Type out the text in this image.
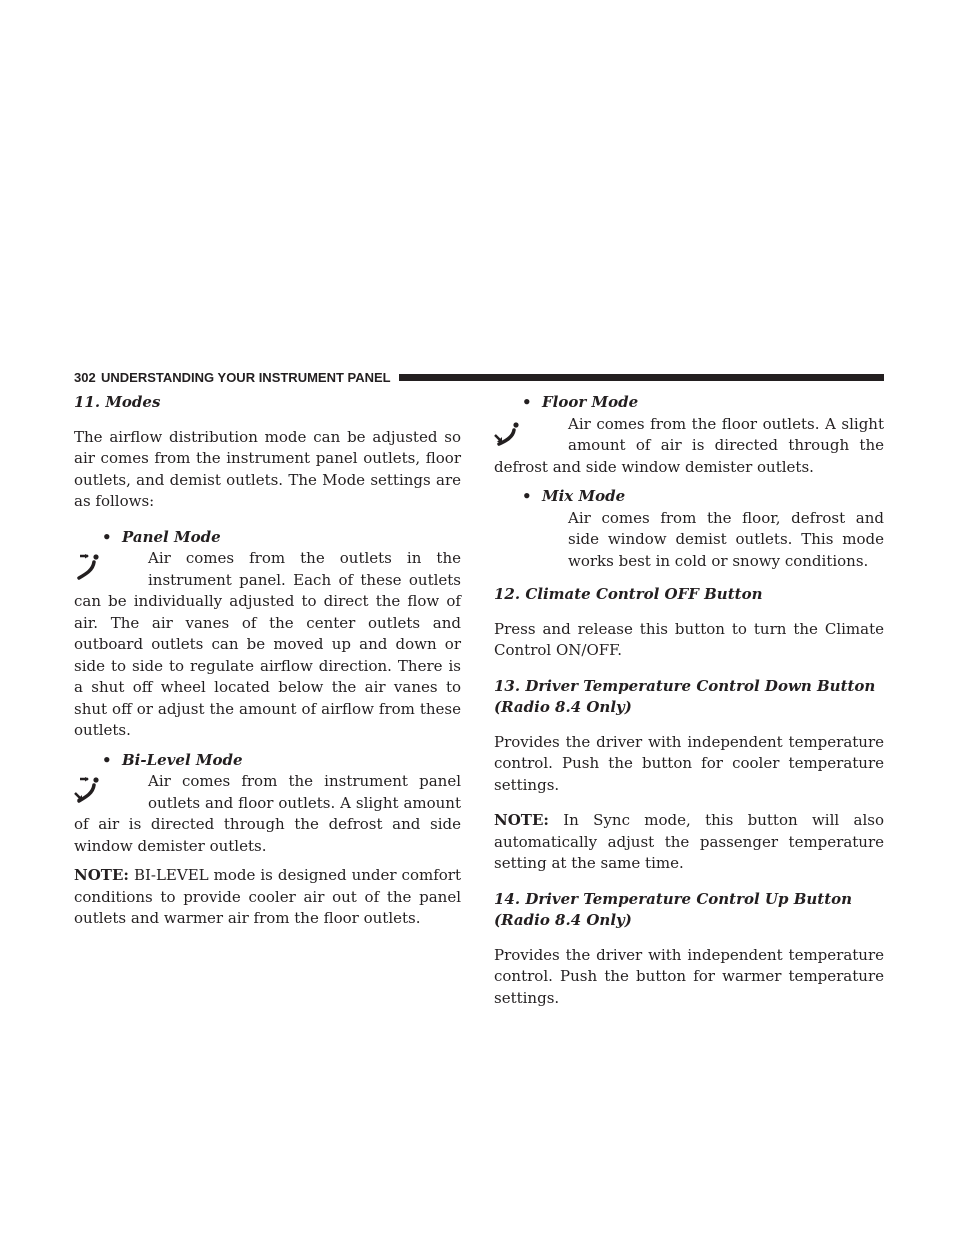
302 UNDERSTANDING YOUR INSTRUMENT PANEL

11. Modes

The airflow distribution mode can be adjusted so air comes from the instrument panel outlets, floor outlets, and demist outlets. The Mode settings are as follows:

• Panel Mode
Air comes from the outlets in the instrument panel. Each of these outlets can be individually adjusted to direct the flow of air. The air vanes of the center outlets and outboard outlets can be moved up and down or side to side to regulate airflow direction. There is a shut off wheel located below the air vanes to shut off or adjust the amount of airflow from these outlets.
• Bi-Level Mode
Air comes from the instrument panel outlets and floor outlets. A slight amount of air is directed through the defrost and side window demister outlets.

NOTE: BI-LEVEL mode is designed under comfort conditions to provide cooler air out of the panel outlets and warmer air from the floor outlets.

• Floor Mode
Air comes from the floor outlets. A slight amount of air is directed through the defrost and side window demister outlets.
• Mix Mode
Air comes from the floor, defrost and side window demist outlets. This mode works best in cold or snowy conditions.

12. Climate Control OFF Button

Press and release this button to turn the Climate Control ON/OFF.

13. Driver Temperature Control Down Button (Radio 8.4 Only)

Provides the driver with independent temperature control. Push the button for cooler temperature settings.

NOTE: In Sync mode, this button will also automatically adjust the passenger temperature setting at the same time.

14. Driver Temperature Control Up Button (Radio 8.4 Only)

Provides the driver with independent temperature control. Push the button for warmer temperature settings.
